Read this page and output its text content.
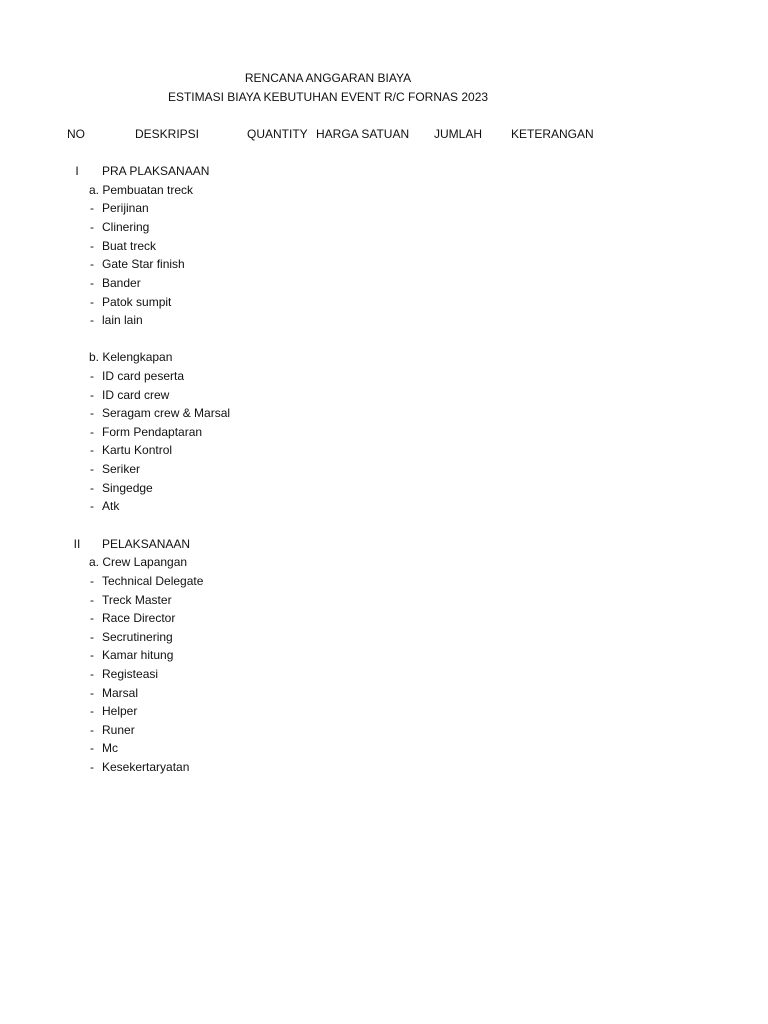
RENCANA ANGGARAN BIAYA
ESTIMASI BIAYA KEBUTUHAN EVENT R/C FORNAS 2023
NO	DESKRIPSI	QUANTITY HARGA SATUAN JUMLAH KETERANGAN
I PRA PLAKSANAAN
a. Pembuatan treck
- Perijinan
- Clinering
- Buat treck
- Gate Star finish
- Bander
- Patok sumpit
- lain lain
b. Kelengkapan
- ID card peserta
- ID card crew
- Seragam crew & Marsal
- Form Pendaptaran
- Kartu Kontrol
- Seriker
- Singedge
- Atk
II PELAKSANAAN
a. Crew Lapangan
- Technical Delegate
- Treck Master
- Race Director
- Secrutinering
- Kamar hitung
- Registeasi
- Marsal
- Helper
- Runer
- Mc
- Kesekertaryatan
